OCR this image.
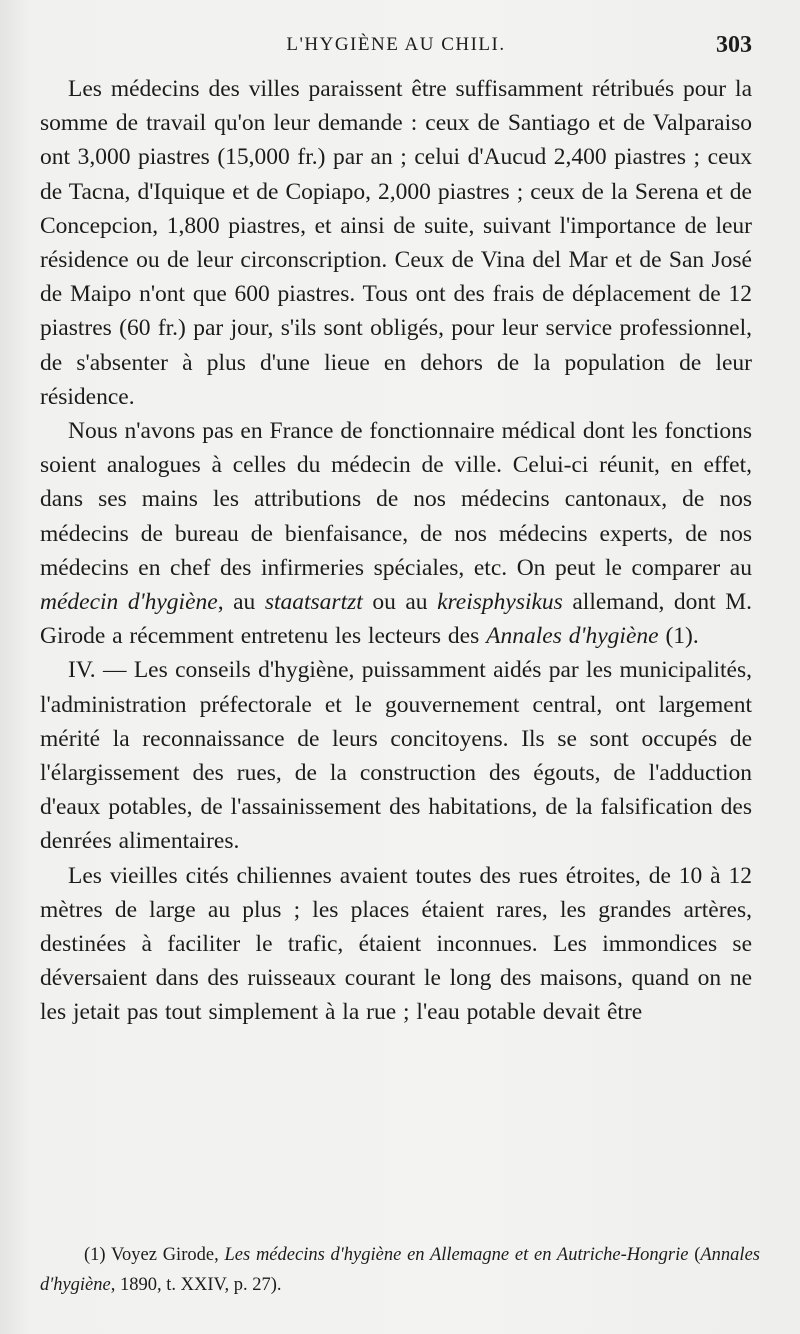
L'HYGIÈNE AU CHILI.	303

Les médecins des villes paraissent être suffisamment rétribués pour la somme de travail qu'on leur demande : ceux de Santiago et de Valparaiso ont 3,000 piastres (15,000 fr.) par an ; celui d'Aucud 2,400 piastres ; ceux de Tacna, d'Iquique et de Copiapo, 2,000 piastres ; ceux de la Serena et de Concepcion, 1,800 piastres, et ainsi de suite, suivant l'importance de leur résidence ou de leur circonscription. Ceux de Vina del Mar et de San José de Maipo n'ont que 600 piastres. Tous ont des frais de déplacement de 12 piastres (60 fr.) par jour, s'ils sont obligés, pour leur service professionnel, de s'absenter à plus d'une lieue en dehors de la population de leur résidence.

Nous n'avons pas en France de fonctionnaire médical dont les fonctions soient analogues à celles du médecin de ville. Celui-ci réunit, en effet, dans ses mains les attributions de nos médecins cantonaux, de nos médecins de bureau de bienfaisance, de nos médecins experts, de nos médecins en chef des infirmeries spéciales, etc. On peut le comparer au médecin d'hygiène, au staatsartzt ou au kreisphysikus allemand, dont M. Girode a récemment entretenu les lecteurs des Annales d'hygiène (1).

IV. — Les conseils d'hygiène, puissamment aidés par les municipalités, l'administration préfectorale et le gouvernement central, ont largement mérité la reconnaissance de leurs concitoyens. Ils se sont occupés de l'élargissement des rues, de la construction des égouts, de l'adduction d'eaux potables, de l'assainissement des habitations, de la falsification des denrées alimentaires.

Les vieilles cités chiliennes avaient toutes des rues étroites, de 10 à 12 mètres de large au plus ; les places étaient rares, les grandes artères, destinées à faciliter le trafic, étaient inconnues. Les immondices se déversaient dans des ruisseaux courant le long des maisons, quand on ne les jetait pas tout simplement à la rue ; l'eau potable devait être

(1) Voyez Girode, Les médecins d'hygiène en Allemagne et en Autriche-Hongrie (Annales d'hygiène, 1890, t. XXIV, p. 27).
